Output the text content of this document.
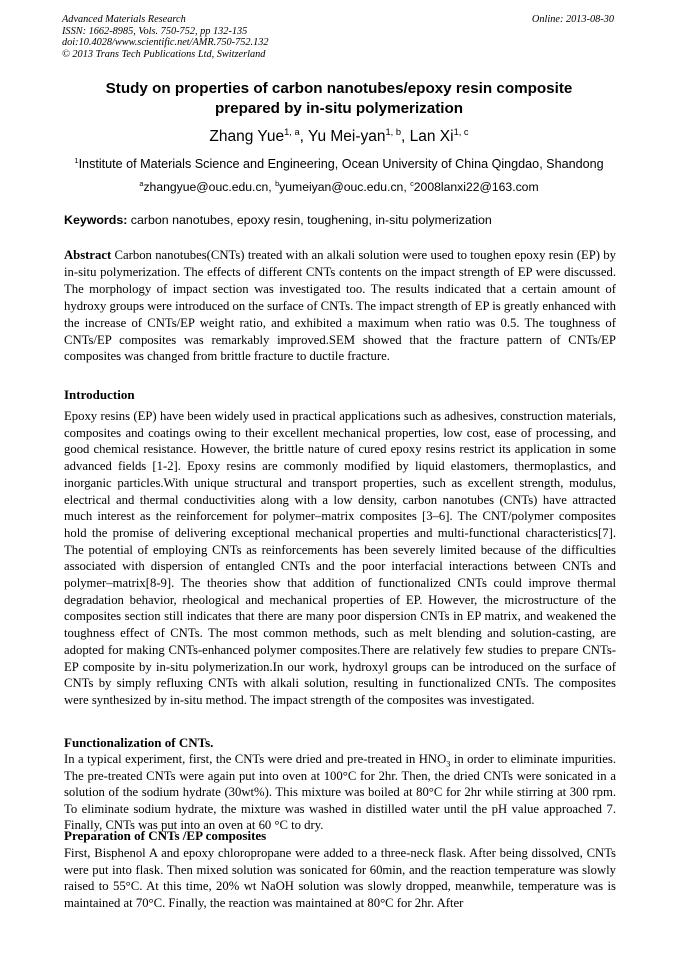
Advanced Materials Research
ISSN: 1662-8985, Vols. 750-752, pp 132-135
doi:10.4028/www.scientific.net/AMR.750-752.132
© 2013 Trans Tech Publications Ltd, Switzerland
Online: 2013-08-30
Study on properties of carbon nanotubes/epoxy resin composite
prepared by in-situ polymerization
Zhang Yue$^{1, a}$, Yu Mei-yan$^{1, b}$, Lan Xi$^{1, c}$
$^1$Institute of Materials Science and Engineering, Ocean University of China Qingdao, Shandong
$^a$zhangyue@ouc.edu.cn, $^b$yumeiyan@ouc.edu.cn, $^c$2008lanxi22@163.com
Keywords: carbon nanotubes, epoxy resin, toughening, in-situ polymerization
Abstract Carbon nanotubes(CNTs) treated with an alkali solution were used to toughen epoxy resin (EP) by in-situ polymerization. The effects of different CNTs contents on the impact strength of EP were discussed. The morphology of impact section was investigated too. The results indicated that a certain amount of hydroxy groups were introduced on the surface of CNTs. The impact strength of EP is greatly enhanced with the increase of CNTs/EP weight ratio, and exhibited a maximum when ratio was 0.5. The toughness of CNTs/EP composites was remarkably improved.SEM showed that the fracture pattern of CNTs/EP composites was changed from brittle fracture to ductile fracture.
Introduction
Epoxy resins (EP) have been widely used in practical applications such as adhesives, construction materials, composites and coatings owing to their excellent mechanical properties, low cost, ease of processing, and good chemical resistance. However, the brittle nature of cured epoxy resins restrict its application in some advanced fields [1-2]. Epoxy resins are commonly modified by liquid elastomers, thermoplastics, and inorganic particles.With unique structural and transport properties, such as excellent strength, modulus, electrical and thermal conductivities along with a low density, carbon nanotubes (CNTs) have attracted much interest as the reinforcement for polymer–matrix composites [3–6]. The CNT/polymer composites hold the promise of delivering exceptional mechanical properties and multi-functional characteristics[7]. The potential of employing CNTs as reinforcements has been severely limited because of the difficulties associated with dispersion of entangled CNTs and the poor interfacial interactions between CNTs and polymer–matrix[8-9]. The theories show that addition of functionalized CNTs could improve thermal degradation behavior, rheological and mechanical properties of EP. However, the microstructure of the composites section still indicates that there are many poor dispersion CNTs in EP matrix, and weakened the toughness effect of CNTs. The most common methods, such as melt blending and solution-casting, are adopted for making CNTs-enhanced polymer composites.There are relatively few studies to prepare CNTs-EP composite by in-situ polymerization.In our work, hydroxyl groups can be introduced on the surface of CNTs by simply refluxing CNTs with alkali solution, resulting in functionalized CNTs. The composites were synthesized by in-situ method. The impact strength of the composites was investigated.
Functionalization of CNTs.
In a typical experiment, first, the CNTs were dried and pre-treated in $HNO_3$ in order to eliminate impurities. The pre-treated CNTs were again put into oven at 100°C for 2hr. Then, the dried CNTs were sonicated in a solution of the sodium hydrate (30wt%). This mixture was boiled at 80°C for 2hr while stirring at 300 rpm. To eliminate sodium hydrate, the mixture was washed in distilled water until the pH value approached 7. Finally, CNTs was put into an oven at 60 °C to dry.
Preparation of CNTs /EP composites
First, Bisphenol A and epoxy chloropropane were added to a three-neck flask. After being dissolved, CNTs were put into flask. Then mixed solution was sonicated for 60min, and the reaction temperature was slowly raised to 55°C. At this time, 20% wt NaOH solution was slowly dropped, meanwhile, temperature was is maintained at 70°C. Finally, the reaction was maintained at 80°C for 2hr. After
